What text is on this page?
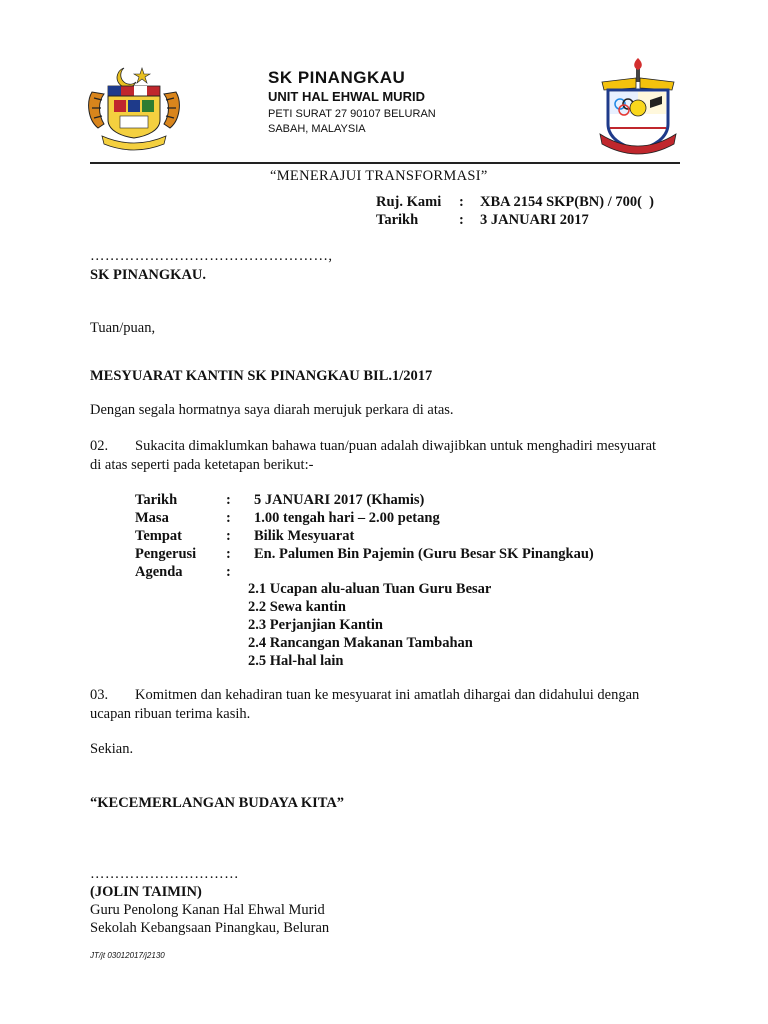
SK PINANGKAU
UNIT HAL EHWAL MURID
PETI SURAT 27 90107 BELURAN
SABAH, MALAYSIA
“MENERAJUI TRANSFORMASI”
Ruj. Kami : XBA 2154 SKP(BN) / 700(  )
Tarikh	: 3 JANUARI 2017
…………………………………………,
SK PINANGKAU.
Tuan/puan,
MESYUARAT KANTIN SK PINANGKAU BIL.1/2017
Dengan segala hormatnya saya diarah merujuk perkara di atas.
02. Sukacita dimaklumkan bahawa tuan/puan adalah diwajibkan untuk menghadiri mesyuarat
di atas seperti pada ketetapan berikut:-
Tarikh	: 5 JANUARI 2017 (Khamis)
Masa	: 1.00 tengah hari – 2.00 petang
Tempat	: Bilik Mesyuarat
Pengerusi : En. Palumen Bin Pajemin (Guru Besar SK Pinangkau)
Agenda	:
2.1 Ucapan alu-aluan Tuan Guru Besar
2.2 Sewa kantin
2.3 Perjanjian Kantin
2.4 Rancangan Makanan Tambahan
2.5 Hal-hal lain
03. Komitmen dan kehadiran tuan ke mesyuarat ini amatlah dihargai dan didahului dengan
ucapan ribuan terima kasih.
Sekian.
“KECEMERLANGAN BUDAYA KITA”
…………………………
(JOLIN TAIMIN)
Guru Penolong Kanan Hal Ehwal Murid
Sekolah Kebangsaan Pinangkau, Beluran
JT/jt 03012017/j2130
